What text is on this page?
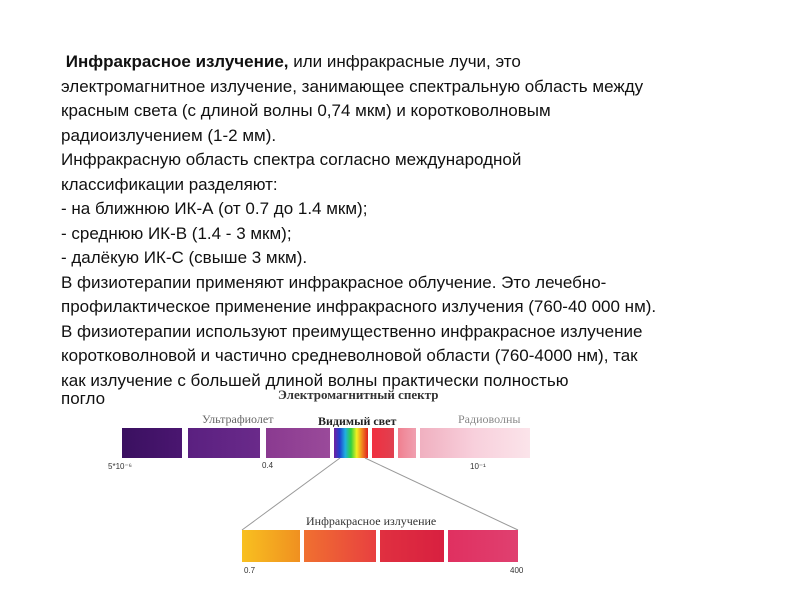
Инфракрасное излучение, или инфракрасные лучи, это

электромагнитное излучение, занимающее спектральную область между

красным света (с длиной волны 0,74 мкм) и коротковолновым

радиоизлучением (1-2 мм).

Инфракрасную область спектра согласно международной

классификации разделяют:

- на ближнюю ИК-А (от 0.7 до 1.4 мкм);

- среднюю ИК-В (1.4 - 3 мкм);

- далёкую ИК-С (свыше 3 мкм).

В физиотерапии применяют инфракрасное облучение. Это лечебно-

профилактическое применение инфракрасного излучения (760-40 000 нм).

В физиотерапии используют преимущественно инфракрасное излучение

коротковолновой и частично средневолновой области (760-4000 нм), так

как излучение с большей длиной волны практически полностью

погло	Электромагнитный спектр
Ультрафиолет	Видимый свет	Радиоволны
5*10⁻⁶	0.4	10⁻¹
Инфракрасное излучение
0.7	400
